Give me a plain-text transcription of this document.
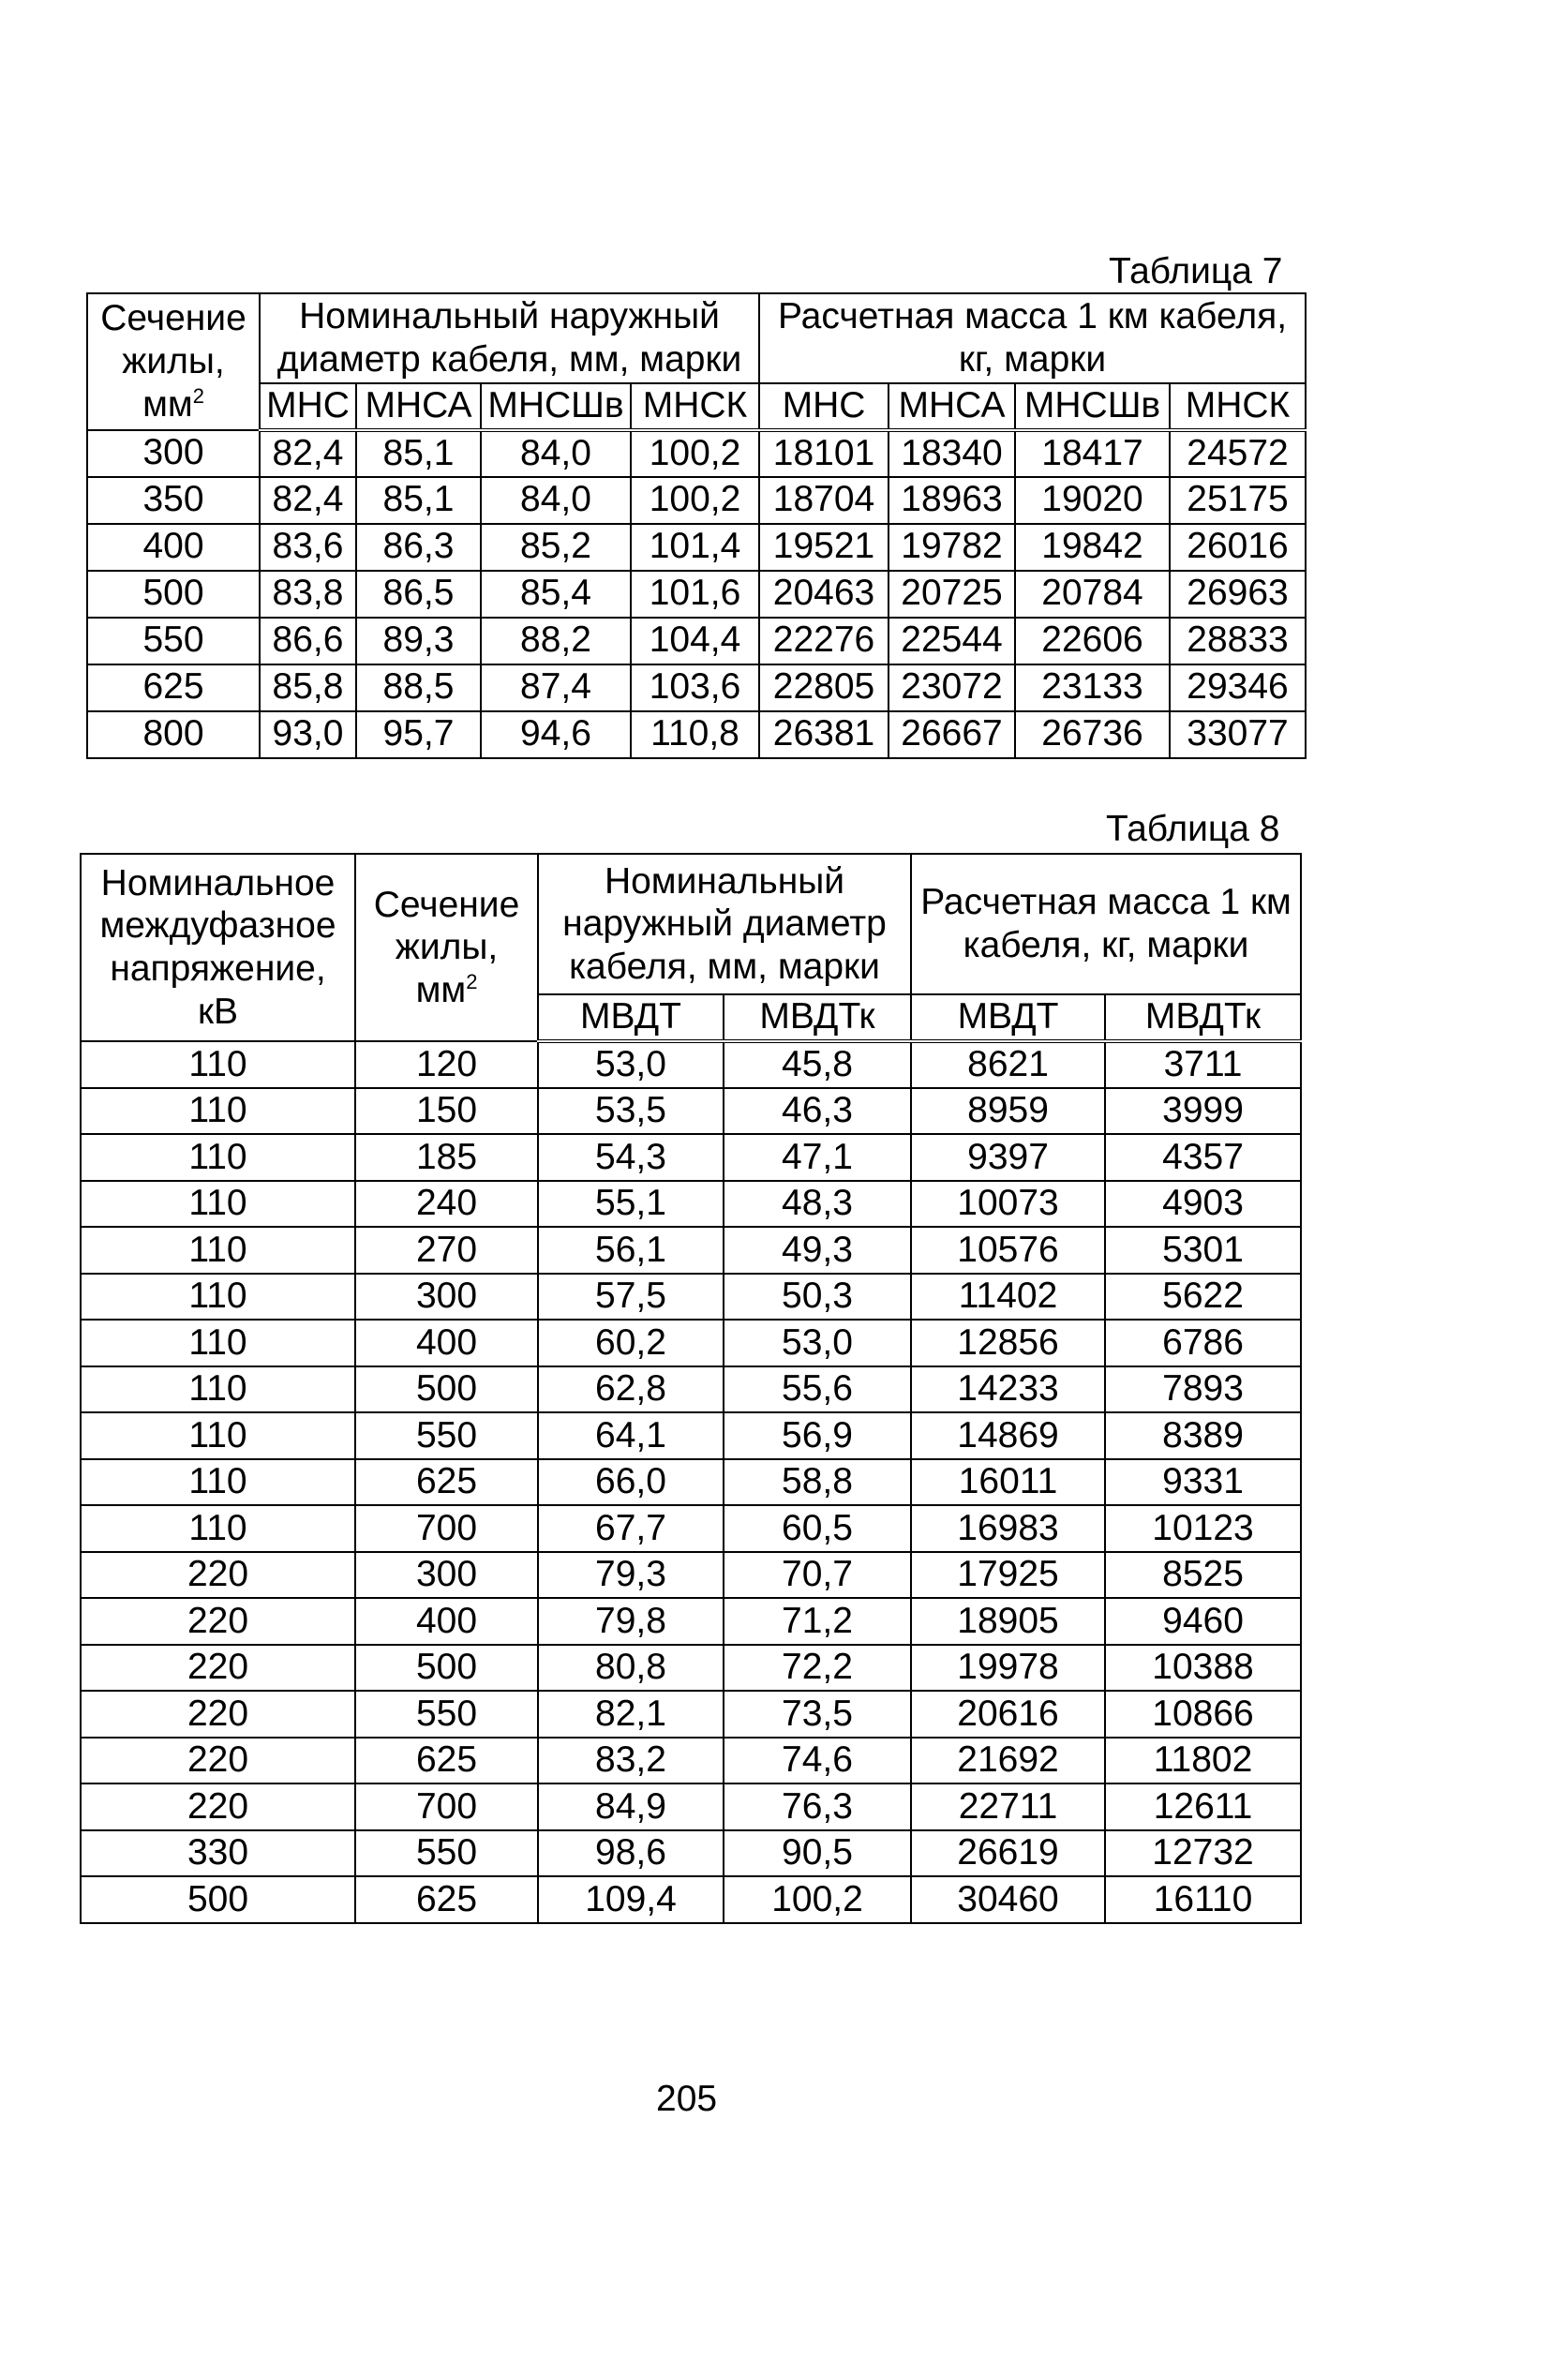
Таблица 7
Сечение жилы, $мм^2$	Номинальный наружный диаметр кабеля, мм, марки				Расчетная масса 1 км кабеля, кг, марки			
	МНС	МНСА	МНСШв	МНСК	МНС	МНСА	МНСШв	МНСК
300	82,4	85,1	84,0	100,2	18101	18340	18417	24572
350	82,4	85,1	84,0	100,2	18704	18963	19020	25175
400	83,6	86,3	85,2	101,4	19521	19782	19842	26016
500	83,8	86,5	85,4	101,6	20463	20725	20784	26963
550	86,6	89,3	88,2	104,4	22276	22544	22606	28833
625	85,8	88,5	87,4	103,6	22805	23072	23133	29346
800	93,0	95,7	94,6	110,8	26381	26667	26736	33077
Таблица 8
Номинальное междуфазное напряжение, кВ	Сечение жилы, $мм^2$	Номинальный наружный диаметр кабеля, мм, марки		Расчетная масса 1 км кабеля, кг, марки	
		МВДТ	МВДТк	МВДТ	МВДТк
110	120	53,0	45,8	8621	3711
110	150	53,5	46,3	8959	3999
110	185	54,3	47,1	9397	4357
110	240	55,1	48,3	10073	4903
110	270	56,1	49,3	10576	5301
110	300	57,5	50,3	11402	5622
110	400	60,2	53,0	12856	6786
110	500	62,8	55,6	14233	7893
110	550	64,1	56,9	14869	8389
110	625	66,0	58,8	16011	9331
110	700	67,7	60,5	16983	10123
220	300	79,3	70,7	17925	8525
220	400	79,8	71,2	18905	9460
220	500	80,8	72,2	19978	10388
220	550	82,1	73,5	20616	10866
220	625	83,2	74,6	21692	11802
220	700	84,9	76,3	22711	12611
330	550	98,6	90,5	26619	12732
500	625	109,4	100,2	30460	16110
205
